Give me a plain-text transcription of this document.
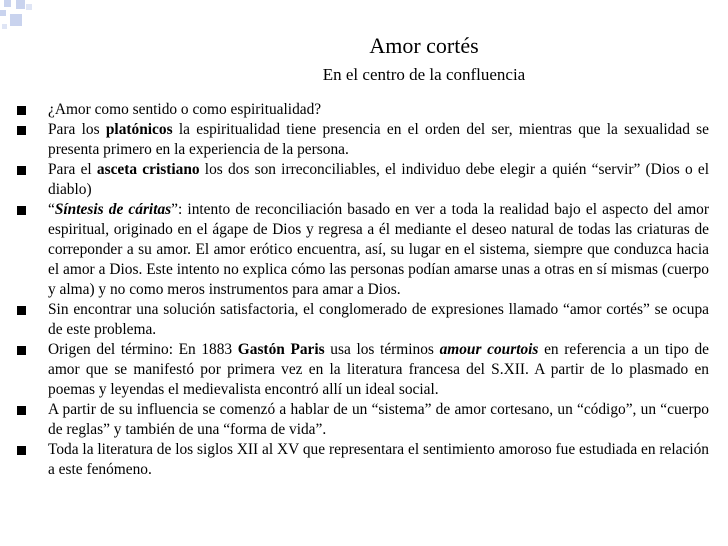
Amor cortés
En el centro de la confluencia
¿Amor como sentido o como espiritualidad?
Para los platónicos la espiritualidad tiene presencia en el orden del ser, mientras que la sexualidad se presenta primero en la experiencia de la persona.
Para el asceta cristiano los dos son irreconciliables, el individuo debe elegir a quién “servir” (Dios o el diablo)
“Síntesis de cáritas”: intento de reconciliación basado en ver a toda la realidad bajo el aspecto del amor espiritual, originado en el ágape de Dios y regresa a él mediante el deseo natural de todas las criaturas de correponder a su amor. El amor erótico encuentra, así, su lugar en el sistema, siempre que conduzca hacia el amor a Dios. Este intento no explica cómo las personas podían amarse unas a otras en sí mismas (cuerpo y alma) y no como meros instrumentos para amar a Dios.
Sin encontrar una solución satisfactoria, el conglomerado de expresiones llamado “amor cortés” se ocupa de este problema.
Origen del término: En 1883 Gastón Paris usa los términos amour courtois en referencia a un tipo de amor que se manifestó por primera vez en la literatura francesa del S.XII. A partir de lo plasmado en poemas y leyendas el medievalista encontró allí un ideal social.
A partir de su influencia se comenzó a hablar de un “sistema” de amor cortesano, un “código”, un “cuerpo de reglas” y también de una “forma de vida”.
Toda la literatura de los siglos XII al XV que representara el sentimiento amoroso fue estudiada en relación a este fenómeno.
